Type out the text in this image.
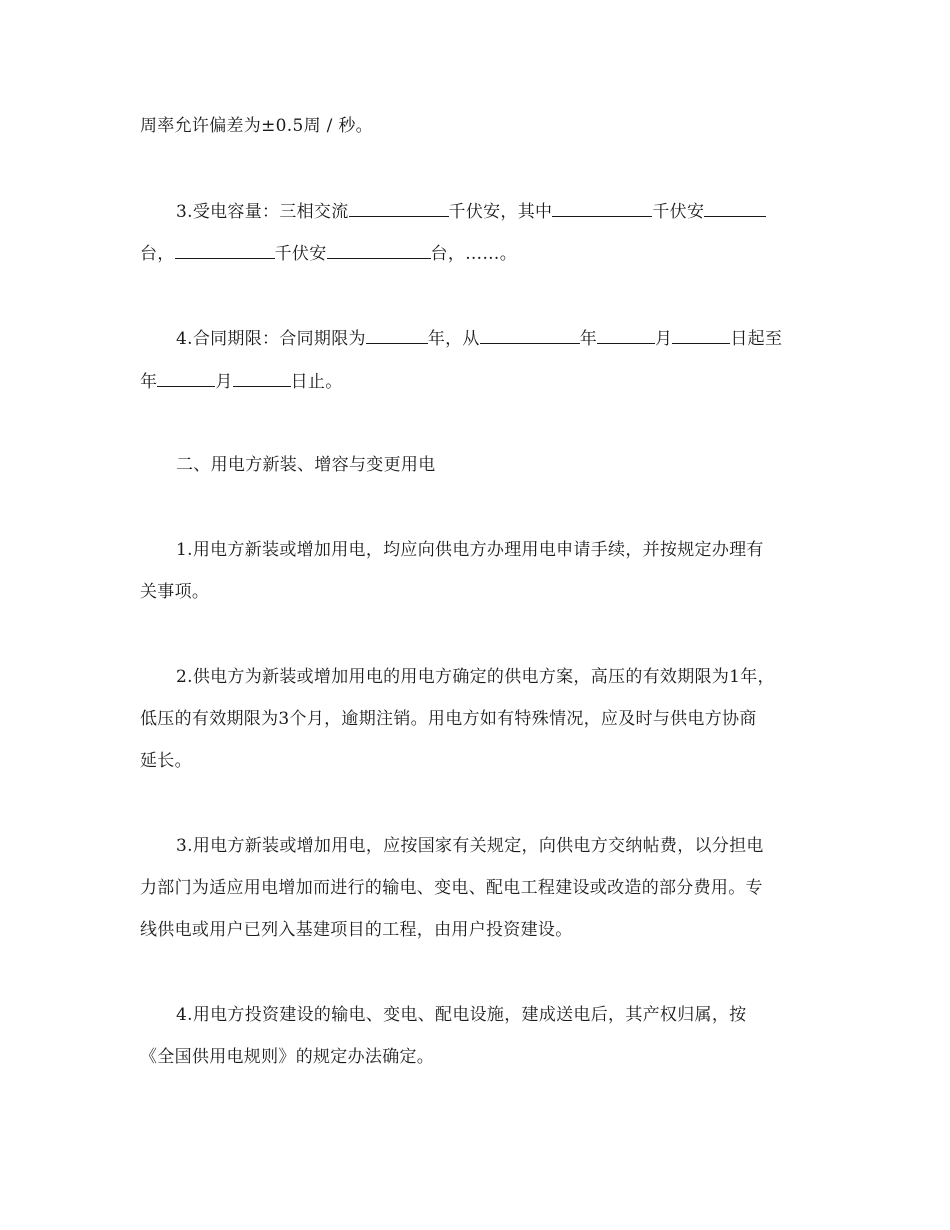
周率允许偏差为±0.5周 / 秒。
3.受电容量：三相交流	千伏安，其中	千伏安
台，	千伏安	台，……。
4.合同期限：合同期限为	年，从	年	月	日起至
年	月	日止。
二、用电方新装、增容与变更用电
1.用电方新装或增加用电，均应向供电方办理用电申请手续，并按规定办理有
关事项。
2.供电方为新装或增加用电的用电方确定的供电方案，高压的有效期限为1年，
低压的有效期限为3个月，逾期注销。用电方如有特殊情况，应及时与供电方协商
延长。
3.用电方新装或增加用电，应按国家有关规定，向供电方交纳帖费，以分担电
力部门为适应用电增加而进行的输电、变电、配电工程建设或改造的部分费用。专
线供电或用户已列入基建项目的工程，由用户投资建设。
4.用电方投资建设的输电、变电、配电设施，建成送电后，其产权归属，按
《全国供用电规则》的规定办法确定。
